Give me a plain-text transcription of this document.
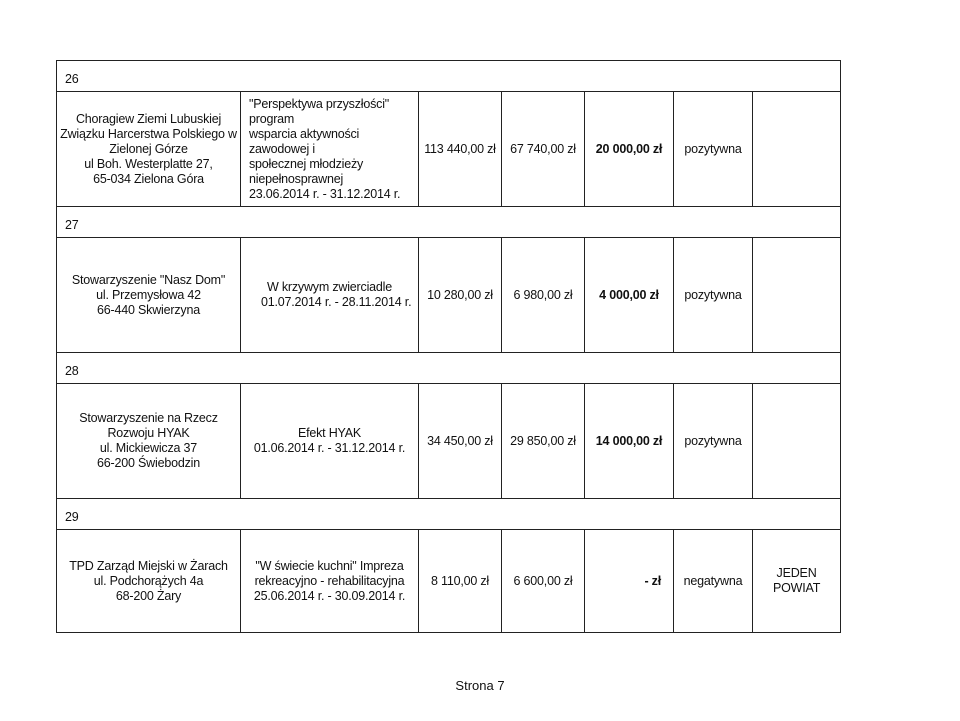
26						

Choragiew Ziemi Lubuskiej
Związku Harcerstwa Polskiego w
Zielonej Górze
ul Boh. Westerplatte 27,
65-034 Zielona Góra	"Perspektywa przyszłości" program
wsparcia aktywności zawodowej i
społecznej młodzieży niepełnosprawnej
23.06.2014 r. - 31.12.2014 r.	113 440,00 zł	67 740,00 zł	20 000,00 zł	pozytywna	
27						

Stowarzyszenie "Nasz Dom"
ul. Przemysłowa 42
66-440 Skwierzyna	W krzywym zwierciadle
01.07.2014 r. - 28.11.2014 r.	10 280,00 zł	6 980,00 zł	4 000,00 zł	pozytywna	
28						

Stowarzyszenie na Rzecz
Rozwoju HYAK
ul. Mickiewicza 37
66-200 Świebodzin	Efekt HYAK
01.06.2014 r. - 31.12.2014 r.	34 450,00 zł	29 850,00 zł	14 000,00 zł	pozytywna	
29						

TPD Zarząd Miejski w Żarach
ul. Podchorążych 4a
68-200 Żary	"W świecie kuchni" Impreza
rekreacyjno - rehabilitacyjna
25.06.2014 r. - 30.09.2014 r.	8 110,00 zł	6 600,00 zł	- zł	negatywna	JEDEN POWIAT
Strona 7
